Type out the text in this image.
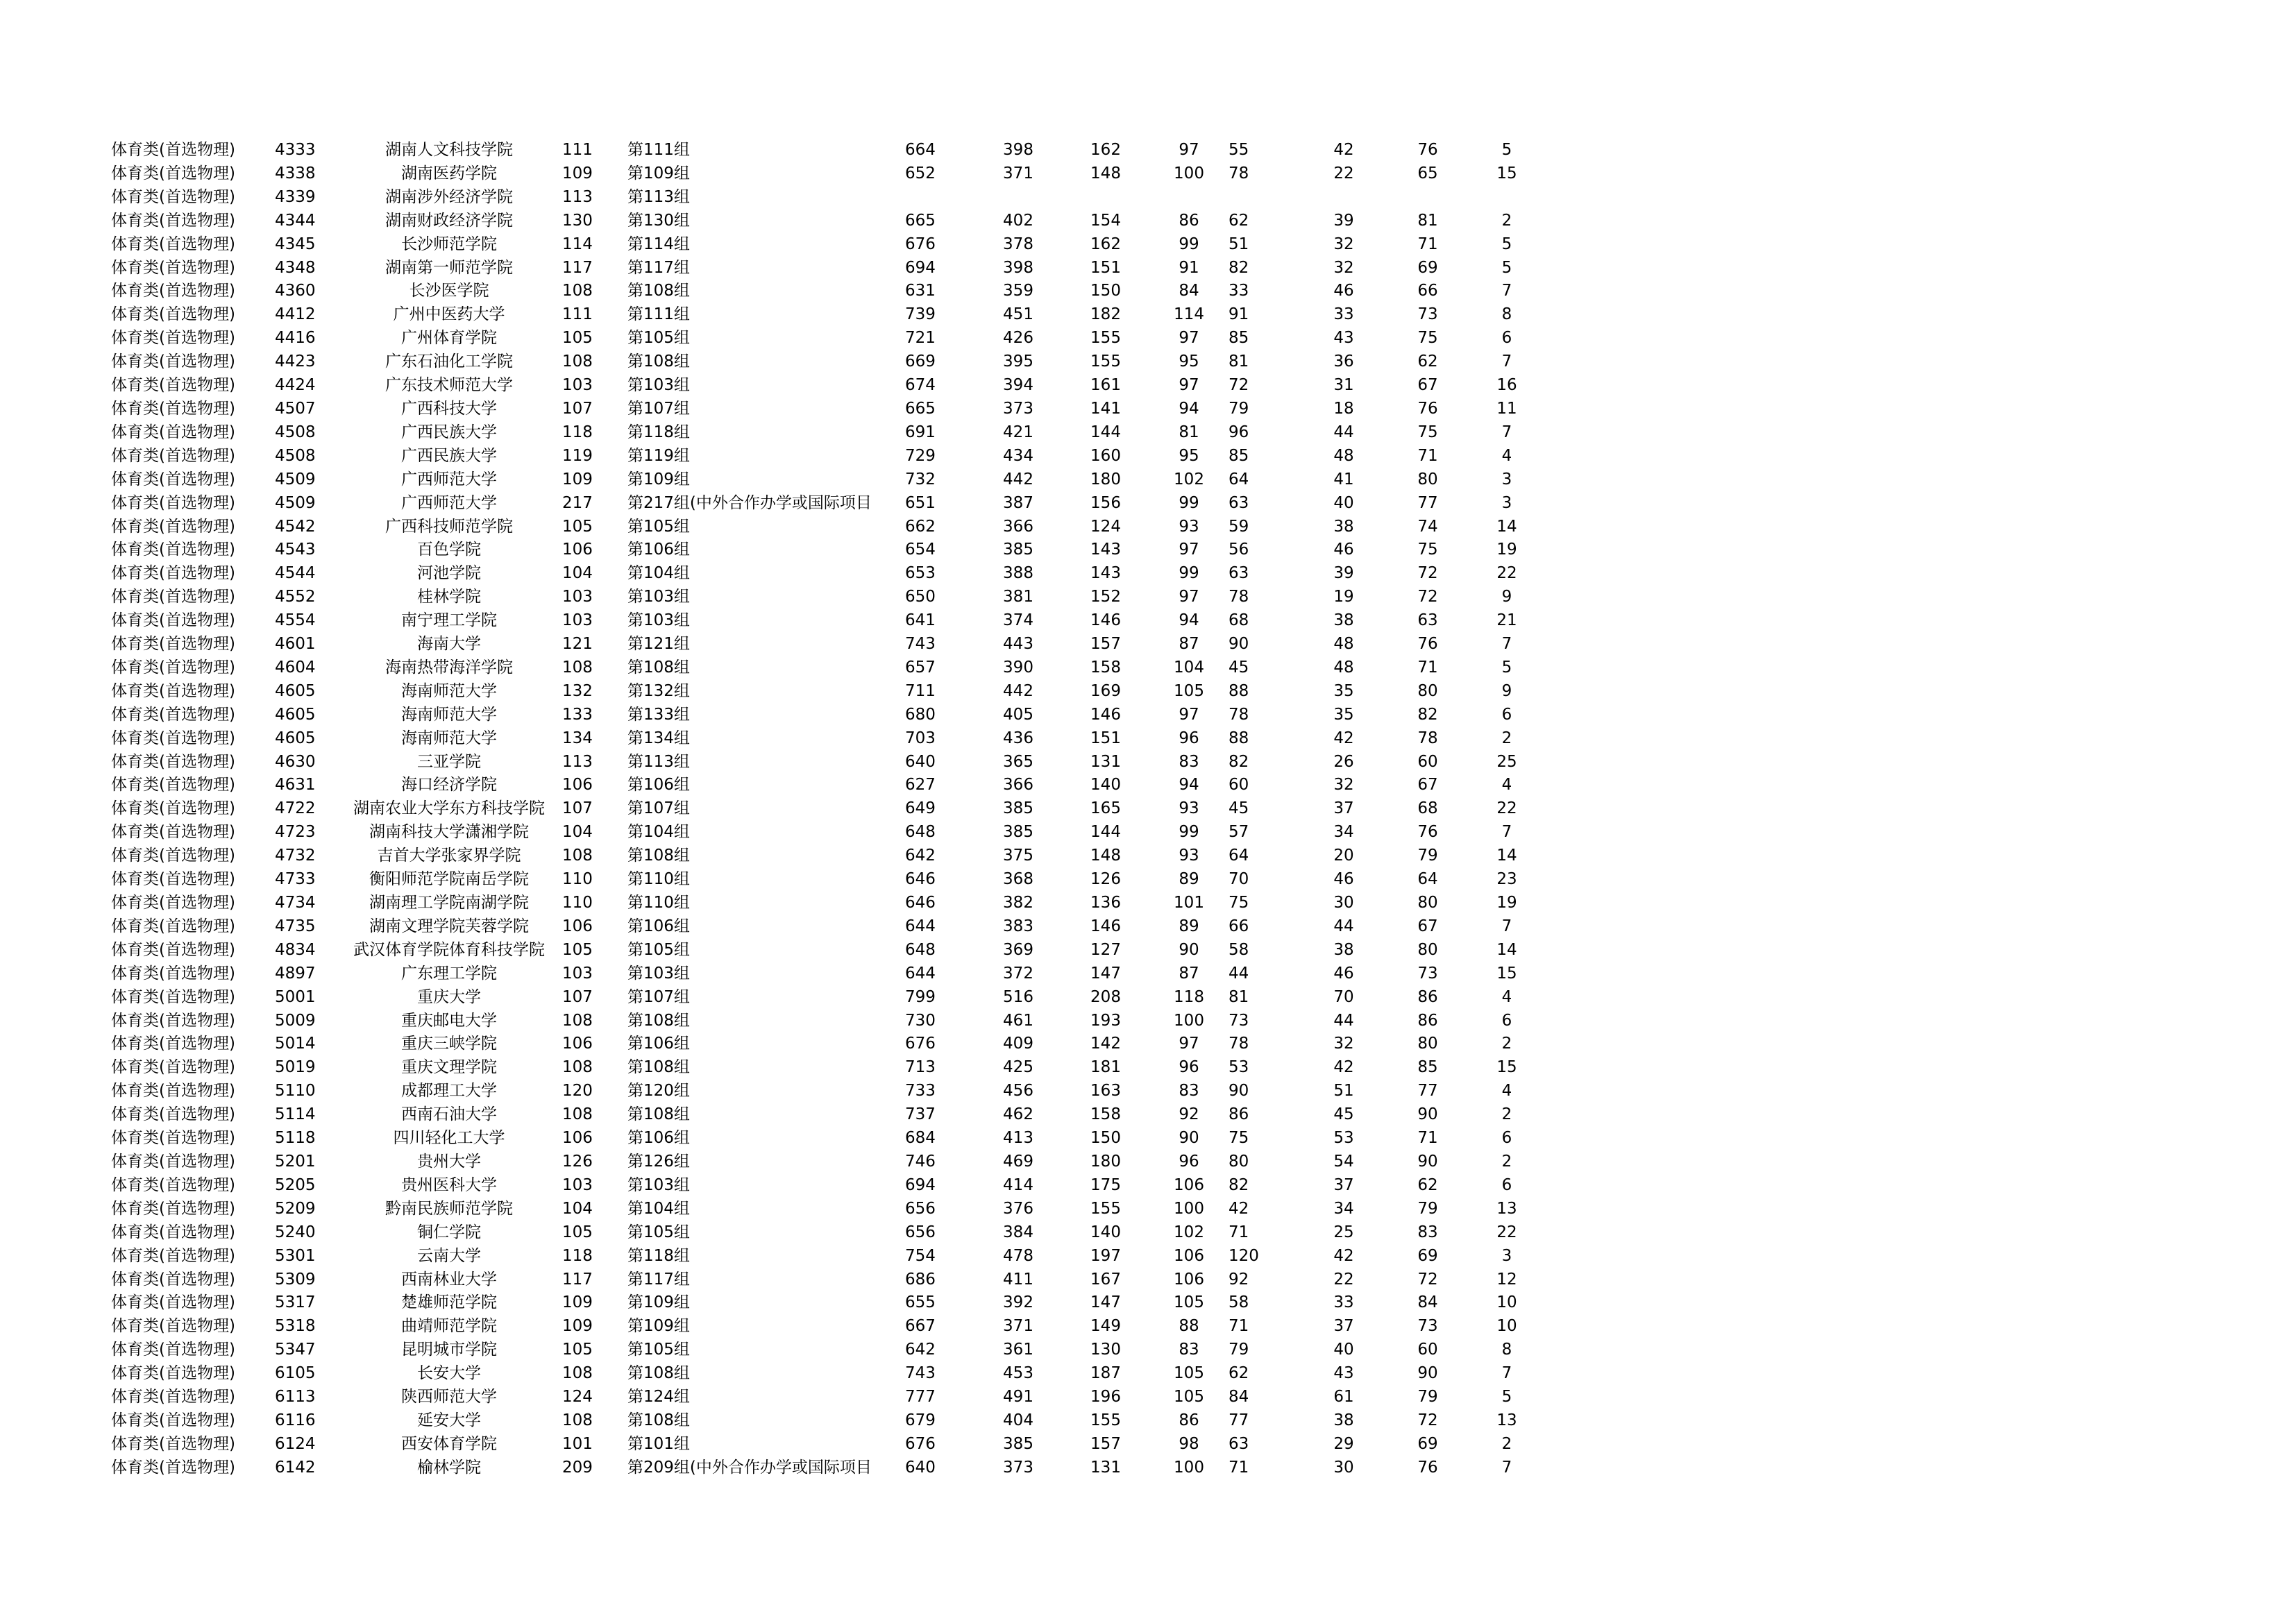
体育类(首选物理)	4333	湖南人文科技学院	111	第111组	664	398	162	97	55	42	76	5
体育类(首选物理)	4338	湖南医药学院	109	第109组	652	371	148	100	78	22	65	15
体育类(首选物理)	4339	湖南涉外经济学院	113	第113组								
体育类(首选物理)	4344	湖南财政经济学院	130	第130组	665	402	154	86	62	39	81	2
体育类(首选物理)	4345	长沙师范学院	114	第114组	676	378	162	99	51	32	71	5
体育类(首选物理)	4348	湖南第一师范学院	117	第117组	694	398	151	91	82	32	69	5
体育类(首选物理)	4360	长沙医学院	108	第108组	631	359	150	84	33	46	66	7
体育类(首选物理)	4412	广州中医药大学	111	第111组	739	451	182	114	91	33	73	8
体育类(首选物理)	4416	广州体育学院	105	第105组	721	426	155	97	85	43	75	6
体育类(首选物理)	4423	广东石油化工学院	108	第108组	669	395	155	95	81	36	62	7
体育类(首选物理)	4424	广东技术师范大学	103	第103组	674	394	161	97	72	31	67	16
体育类(首选物理)	4507	广西科技大学	107	第107组	665	373	141	94	79	18	76	11
体育类(首选物理)	4508	广西民族大学	118	第118组	691	421	144	81	96	44	75	7
体育类(首选物理)	4508	广西民族大学	119	第119组	729	434	160	95	85	48	71	4
体育类(首选物理)	4509	广西师范大学	109	第109组	732	442	180	102	64	41	80	3
体育类(首选物理)	4509	广西师范大学	217	第217组(中外合作办学或国际项目	651	387	156	99	63	40	77	3
体育类(首选物理)	4542	广西科技师范学院	105	第105组	662	366	124	93	59	38	74	14
体育类(首选物理)	4543	百色学院	106	第106组	654	385	143	97	56	46	75	19
体育类(首选物理)	4544	河池学院	104	第104组	653	388	143	99	63	39	72	22
体育类(首选物理)	4552	桂林学院	103	第103组	650	381	152	97	78	19	72	9
体育类(首选物理)	4554	南宁理工学院	103	第103组	641	374	146	94	68	38	63	21
体育类(首选物理)	4601	海南大学	121	第121组	743	443	157	87	90	48	76	7
体育类(首选物理)	4604	海南热带海洋学院	108	第108组	657	390	158	104	45	48	71	5
体育类(首选物理)	4605	海南师范大学	132	第132组	711	442	169	105	88	35	80	9
体育类(首选物理)	4605	海南师范大学	133	第133组	680	405	146	97	78	35	82	6
体育类(首选物理)	4605	海南师范大学	134	第134组	703	436	151	96	88	42	78	2
体育类(首选物理)	4630	三亚学院	113	第113组	640	365	131	83	82	26	60	25
体育类(首选物理)	4631	海口经济学院	106	第106组	627	366	140	94	60	32	67	4
体育类(首选物理)	4722	湖南农业大学东方科技学院	107	第107组	649	385	165	93	45	37	68	22
体育类(首选物理)	4723	湖南科技大学潇湘学院	104	第104组	648	385	144	99	57	34	76	7
体育类(首选物理)	4732	吉首大学张家界学院	108	第108组	642	375	148	93	64	20	79	14
体育类(首选物理)	4733	衡阳师范学院南岳学院	110	第110组	646	368	126	89	70	46	64	23
体育类(首选物理)	4734	湖南理工学院南湖学院	110	第110组	646	382	136	101	75	30	80	19
体育类(首选物理)	4735	湖南文理学院芙蓉学院	106	第106组	644	383	146	89	66	44	67	7
体育类(首选物理)	4834	武汉体育学院体育科技学院	105	第105组	648	369	127	90	58	38	80	14
体育类(首选物理)	4897	广东理工学院	103	第103组	644	372	147	87	44	46	73	15
体育类(首选物理)	5001	重庆大学	107	第107组	799	516	208	118	81	70	86	4
体育类(首选物理)	5009	重庆邮电大学	108	第108组	730	461	193	100	73	44	86	6
体育类(首选物理)	5014	重庆三峡学院	106	第106组	676	409	142	97	78	32	80	2
体育类(首选物理)	5019	重庆文理学院	108	第108组	713	425	181	96	53	42	85	15
体育类(首选物理)	5110	成都理工大学	120	第120组	733	456	163	83	90	51	77	4
体育类(首选物理)	5114	西南石油大学	108	第108组	737	462	158	92	86	45	90	2
体育类(首选物理)	5118	四川轻化工大学	106	第106组	684	413	150	90	75	53	71	6
体育类(首选物理)	5201	贵州大学	126	第126组	746	469	180	96	80	54	90	2
体育类(首选物理)	5205	贵州医科大学	103	第103组	694	414	175	106	82	37	62	6
体育类(首选物理)	5209	黔南民族师范学院	104	第104组	656	376	155	100	42	34	79	13
体育类(首选物理)	5240	铜仁学院	105	第105组	656	384	140	102	71	25	83	22
体育类(首选物理)	5301	云南大学	118	第118组	754	478	197	106	120	42	69	3
体育类(首选物理)	5309	西南林业大学	117	第117组	686	411	167	106	92	22	72	12
体育类(首选物理)	5317	楚雄师范学院	109	第109组	655	392	147	105	58	33	84	10
体育类(首选物理)	5318	曲靖师范学院	109	第109组	667	371	149	88	71	37	73	10
体育类(首选物理)	5347	昆明城市学院	105	第105组	642	361	130	83	79	40	60	8
体育类(首选物理)	6105	长安大学	108	第108组	743	453	187	105	62	43	90	7
体育类(首选物理)	6113	陕西师范大学	124	第124组	777	491	196	105	84	61	79	5
体育类(首选物理)	6116	延安大学	108	第108组	679	404	155	86	77	38	72	13
体育类(首选物理)	6124	西安体育学院	101	第101组	676	385	157	98	63	29	69	2
体育类(首选物理)	6142	榆林学院	209	第209组(中外合作办学或国际项目	640	373	131	100	71	30	76	7
